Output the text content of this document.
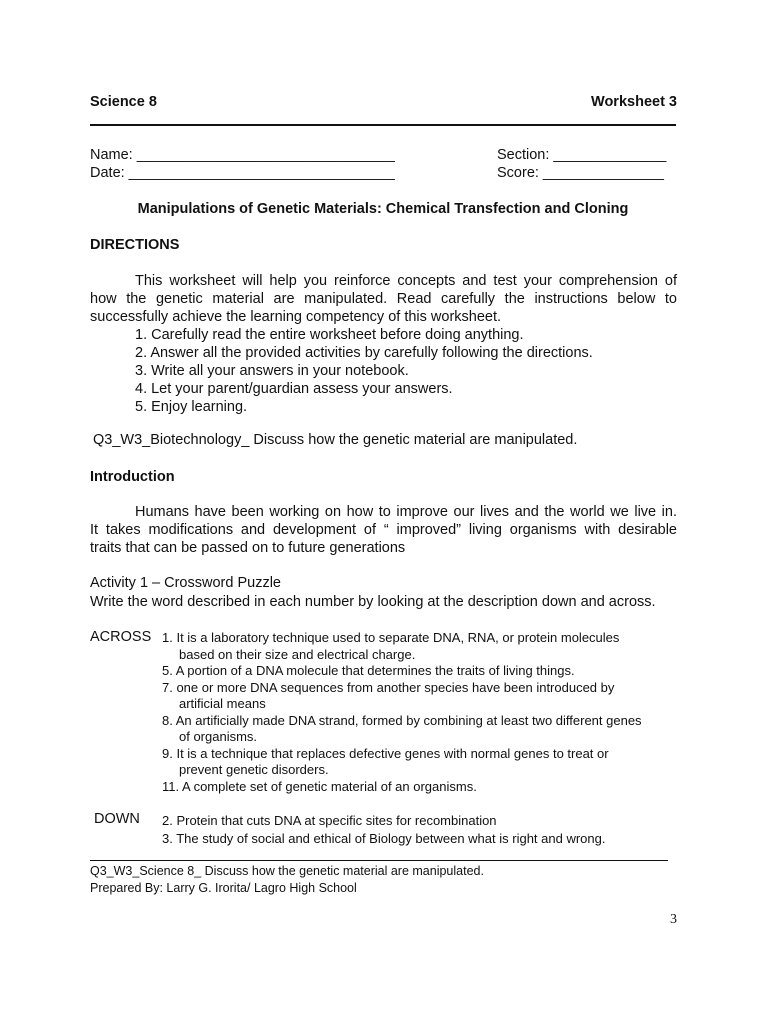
Science 8	Worksheet 3
Name: ________________________________	Section: ______________
Date: _________________________________	Score: _______________
Manipulations of Genetic Materials: Chemical Transfection and Cloning
DIRECTIONS
This worksheet will help you reinforce concepts and test your comprehension of
how the genetic material are manipulated. Read carefully the instructions below to
successfully achieve the learning competency of this worksheet.
1. Carefully read the entire worksheet before doing anything.
2. Answer all the provided activities by carefully following the directions.
3. Write all your answers in your notebook.
4. Let your parent/guardian assess your answers.
5. Enjoy learning.
Q3_W3_Biotechnology_ Discuss how the genetic material are manipulated.
Introduction
Humans have been working on how to improve our lives and the world we live in.
It takes modifications and development of “ improved” living organisms with desirable
traits that can be passed on to future generations
Activity 1 – Crossword Puzzle
Write the word described in each number by looking at the description down and across.
ACROSS 1. It is a laboratory technique used to separate DNA, RNA, or protein molecules
based on their size and electrical charge.
5. A portion of a DNA molecule that determines the traits of living things.
7. one or more DNA sequences from another species have been introduced by
artificial means
8. An artificially made DNA strand, formed by combining at least two different genes
of organisms.
9. It is a technique that replaces defective genes with normal genes to treat or
prevent genetic disorders.
11. A complete set of genetic material of an organisms.
DOWN 2. Protein that cuts DNA at specific sites for recombination
3. The study of social and ethical of Biology between what is right and wrong.
Q3_W3_Science 8_ Discuss how the genetic material are manipulated.
Prepared By: Larry G. Irorita/ Lagro High School
3
